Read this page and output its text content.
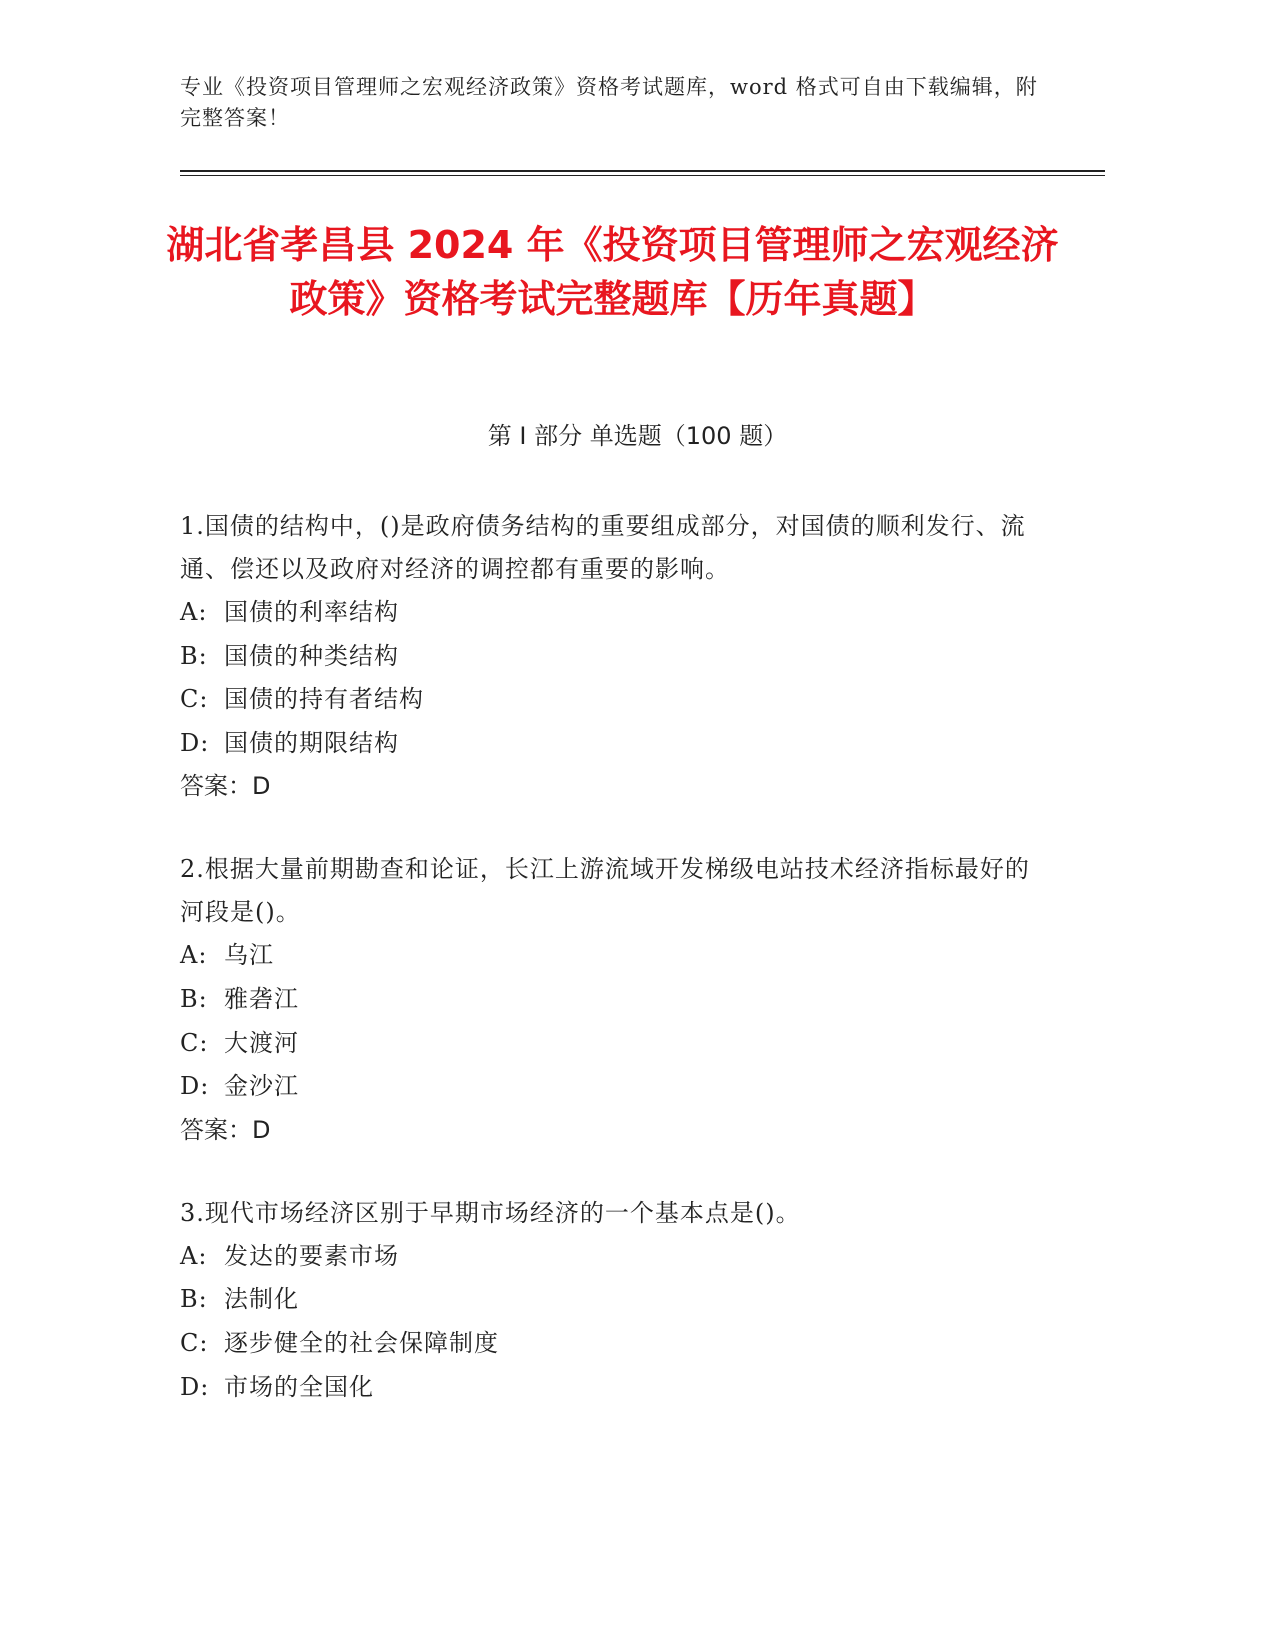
专业《投资项目管理师之宏观经济政策》资格考试题库，word 格式可自由下载编辑，附完整答案！
湖北省孝昌县 2024 年《投资项目管理师之宏观经济政策》资格考试完整题库【历年真题】
第 I 部分 单选题（100 题）

1.国债的结构中，()是政府债务结构的重要组成部分，对国债的顺利发行、流通、偿还以及政府对经济的调控都有重要的影响。

A: 国债的利率结构
B: 国债的种类结构
C: 国债的持有者结构
D: 国债的期限结构
答案：D

2.根据大量前期勘查和论证，长江上游流域开发梯级电站技术经济指标最好的河段是()。

A: 乌江
B: 雅砻江
C: 大渡河
D: 金沙江
答案：D

3.现代市场经济区别于早期市场经济的一个基本点是()。

A: 发达的要素市场
B: 法制化
C: 逐步健全的社会保障制度
D: 市场的全国化
